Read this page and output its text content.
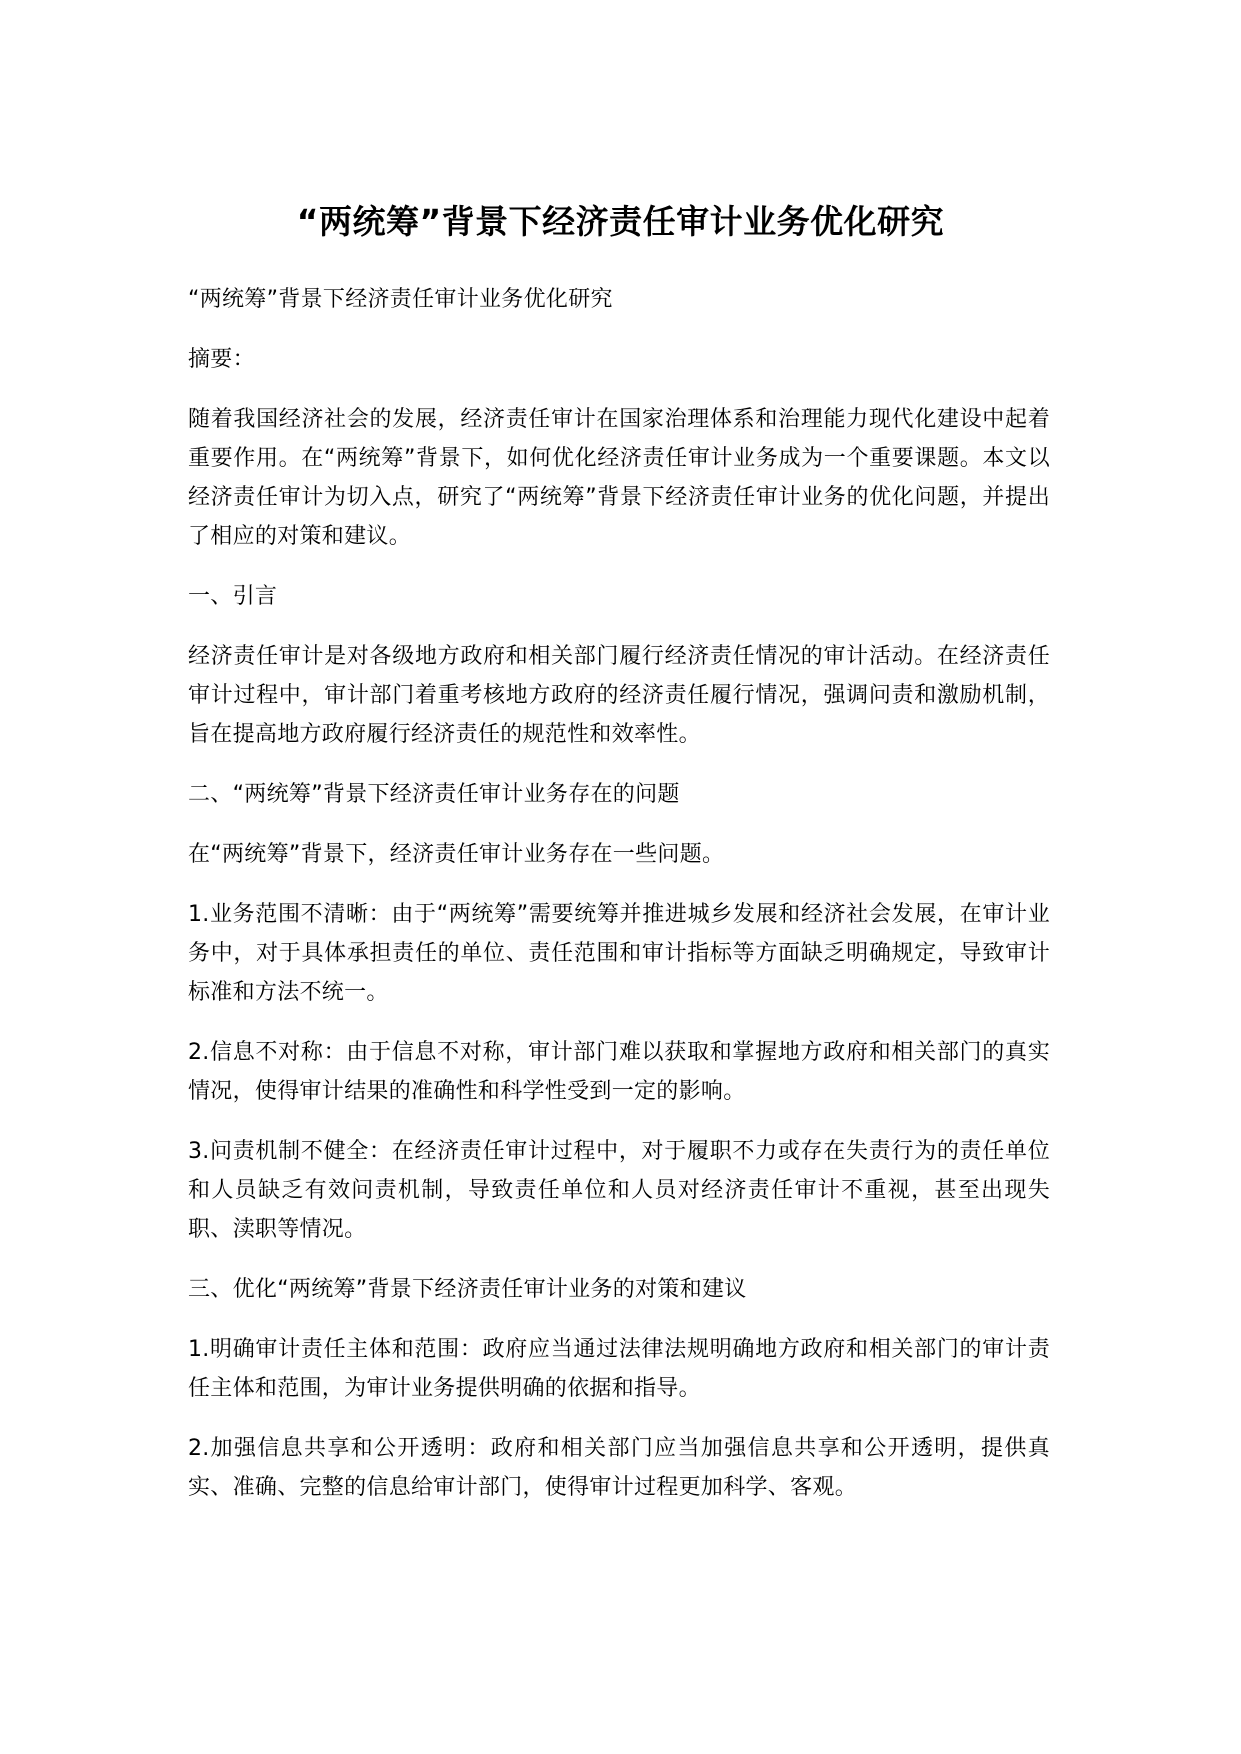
“两统筹”背景下经济责任审计业务优化研究

“两统筹”背景下经济责任审计业务优化研究

摘要：

随着我国经济社会的发展，经济责任审计在国家治理体系和治理能力现代化建设中起着重要作用。在“两统筹”背景下，如何优化经济责任审计业务成为一个重要课题。本文以经济责任审计为切入点，研究了“两统筹”背景下经济责任审计业务的优化问题，并提出了相应的对策和建议。

一、引言

经济责任审计是对各级地方政府和相关部门履行经济责任情况的审计活动。在经济责任审计过程中，审计部门着重考核地方政府的经济责任履行情况，强调问责和激励机制，旨在提高地方政府履行经济责任的规范性和效率性。

二、“两统筹”背景下经济责任审计业务存在的问题

在“两统筹”背景下，经济责任审计业务存在一些问题。

1.业务范围不清晰：由于“两统筹”需要统筹并推进城乡发展和经济社会发展，在审计业务中，对于具体承担责任的单位、责任范围和审计指标等方面缺乏明确规定，导致审计标准和方法不统一。

2.信息不对称：由于信息不对称，审计部门难以获取和掌握地方政府和相关部门的真实情况，使得审计结果的准确性和科学性受到一定的影响。

3.问责机制不健全：在经济责任审计过程中，对于履职不力或存在失责行为的责任单位和人员缺乏有效问责机制，导致责任单位和人员对经济责任审计不重视，甚至出现失职、渎职等情况。

三、优化“两统筹”背景下经济责任审计业务的对策和建议

1.明确审计责任主体和范围：政府应当通过法律法规明确地方政府和相关部门的审计责任主体和范围，为审计业务提供明确的依据和指导。

2.加强信息共享和公开透明：政府和相关部门应当加强信息共享和公开透明，提供真实、准确、完整的信息给审计部门，使得审计过程更加科学、客观。
